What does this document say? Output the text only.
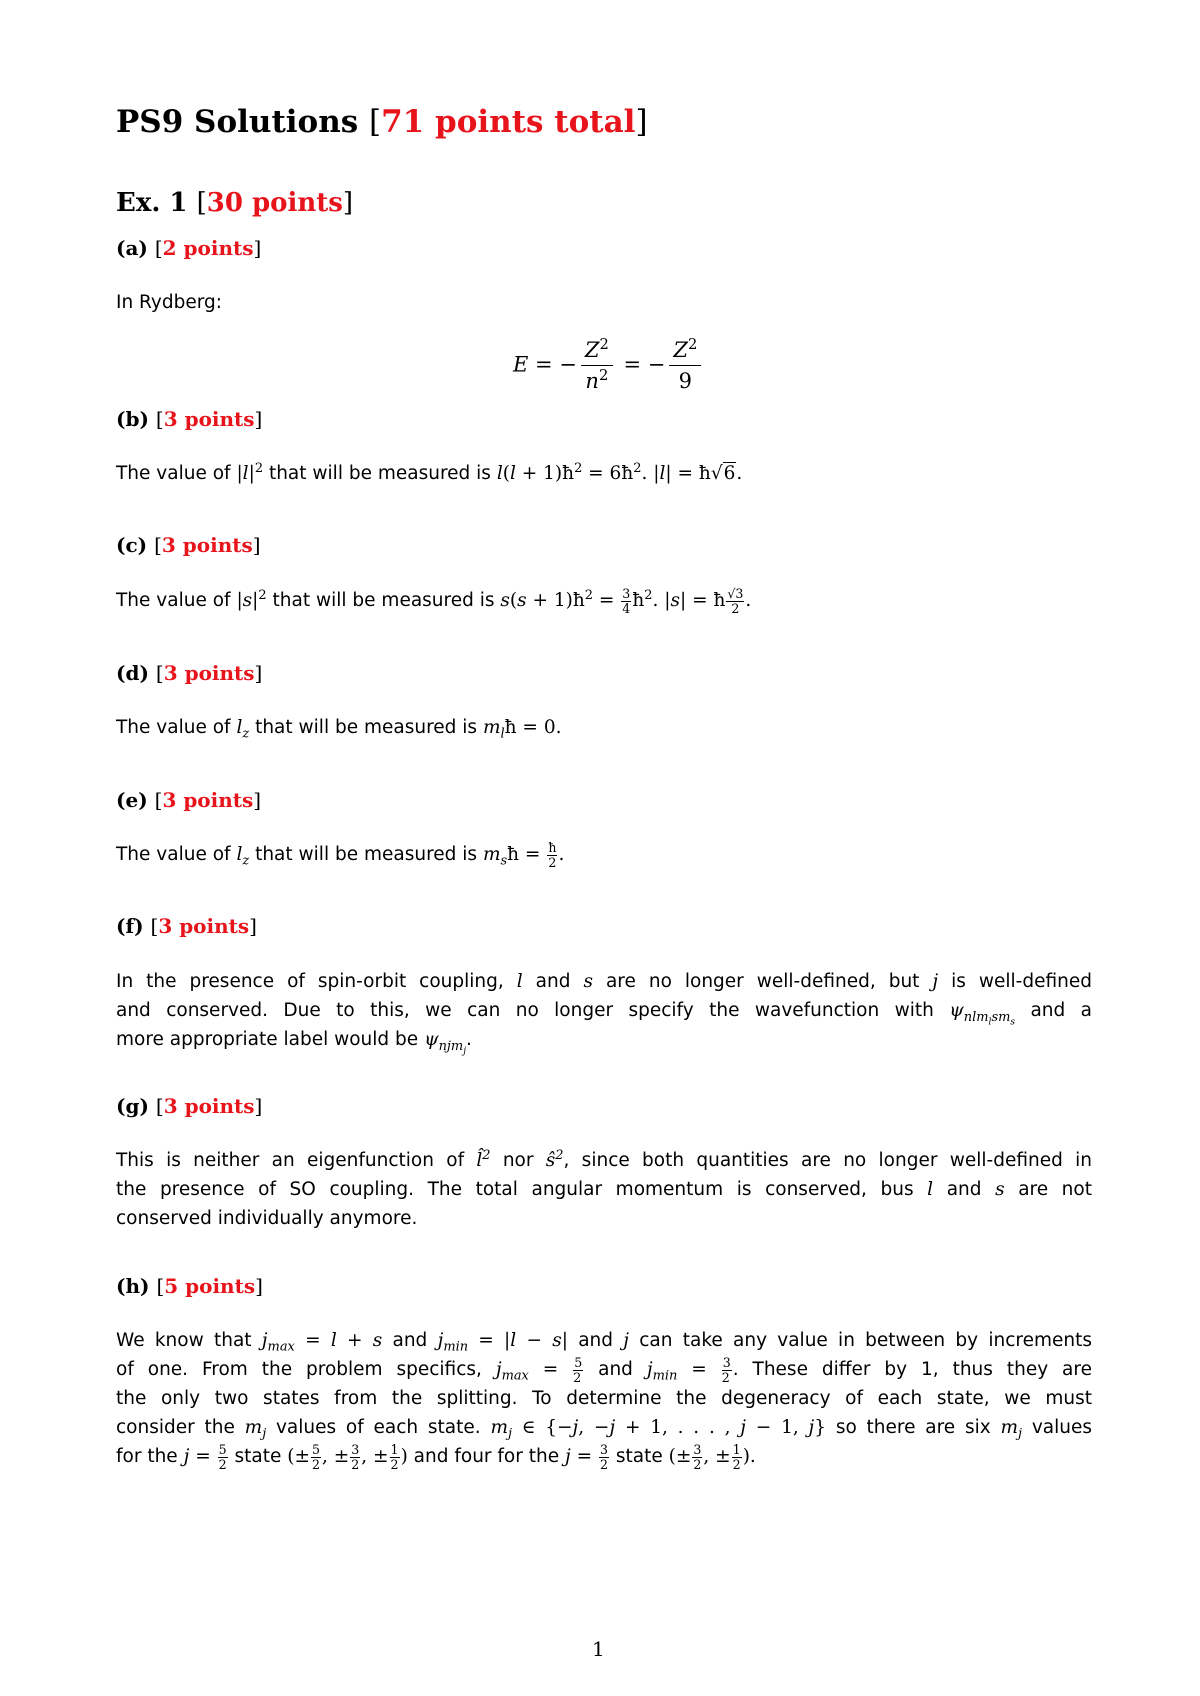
PS9 Solutions [71 points total]
Ex. 1 [30 points]
(a) [2 points]
In Rydberg:
E = − $\frac{Z^2}{n^2}$ = − $\frac{Z^2}{9}$
(b) [3 points]
The value of $|l|^2$ that will be measured is $l(l + 1)ħ^2$ = $6ħ^2$. |l| = ħ√6.
(c) [3 points]
The value of $|s|^2$ that will be measured is $s(s + 1)ħ^2 = \frac{3}{4}$ $ħ^2$. |s| = ħ $\frac{√3}{2}$ .
(d) [3 points]
The value of $l_z$ that will be measured is $m_lħ = 0$.
(e) [3 points]
The value of $l_z$ that will be measured is $m_sħ = \frac{ħ}{2}$ .
(f) [3 points]
In the presence of spin-orbit coupling, l and s are no longer well-defined, but j is well-defined
and conserved. Due to this, we can no longer specify the wavefunction with $\psi_{nlm_lsm_s}$ and a
more appropriate label would be $\psi_{njm_j}$.
(g) [3 points]
This is neither an eigenfunction of l̂$^2$ nor $ŝ^2$, since both quantities are no longer well-defined in
the presence of SO coupling. The total angular momentum is conserved, bus l and s are not
conserved individually anymore.
(h) [5 points]
We know that $j_{max} = l + s$ and $j_{min} = |l - s|$ and j can take any value in between by increments
of one. From the problem specifics, $j_{max} = \frac{5}{2}$ and $j_{min} = \frac{3}{2}$ . These differ by 1, thus they are
the only two states from the splitting. To determine the degeneracy of each state, we must
consider the $m_j$ values of each state. $m_j$ ∈ {−j, −j + 1, . . . , j − 1, j} so there are six $m_j$ values
for the $j = \frac{5}{2}$ state (± $\frac{5}{2}$ , ± $\frac{3}{2}$ , ± $\frac{1}{2}$ ) and four for the $j = \frac{3}{2}$ state (± $\frac{3}{2}$ , ± $\frac{1}{2}$ ).
1
